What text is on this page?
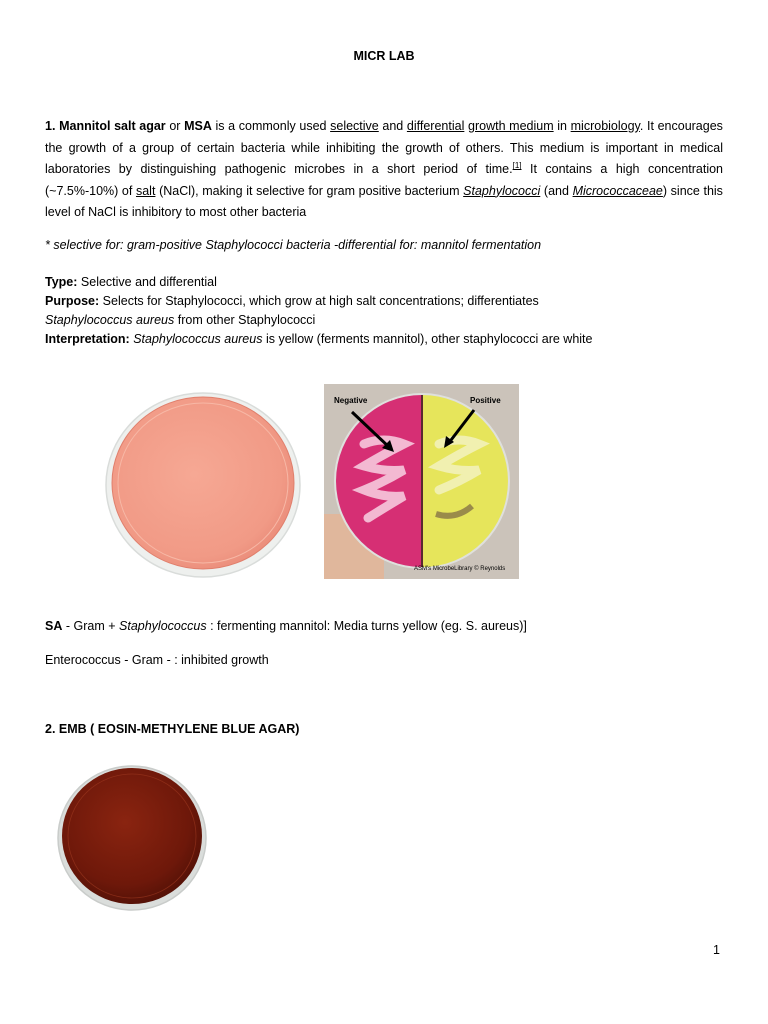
MICR LAB
1. Mannitol salt agar or MSA is a commonly used selective and differential growth medium in microbiology. It encourages the growth of a group of certain bacteria while inhibiting the growth of others. This medium is important in medical laboratories by distinguishing pathogenic microbes in a short period of time.[1] It contains a high concentration (~7.5%-10%) of salt (NaCl), making it selective for gram positive bacterium Staphylococci (and Micrococcaceae) since this level of NaCl is inhibitory to most other bacteria
* selective for: gram-positive Staphylococci bacteria -differential for: mannitol fermentation
Type: Selective and differential
Purpose: Selects for Staphylococci, which grow at high salt concentrations; differentiates
Staphylococcus aureus from other Staphylococci
Interpretation: Staphylococcus aureus is yellow (ferments mannitol), other staphylococci are white
Negative	Positive
ASM's MicrobeLibrary © Reynolds
SA - Gram + Staphylococcus : fermenting mannitol: Media turns yellow (eg. S. aureus)]
Enterococcus - Gram - : inhibited growth
2. EMB ( EOSIN-METHYLENE BLUE AGAR)
1
